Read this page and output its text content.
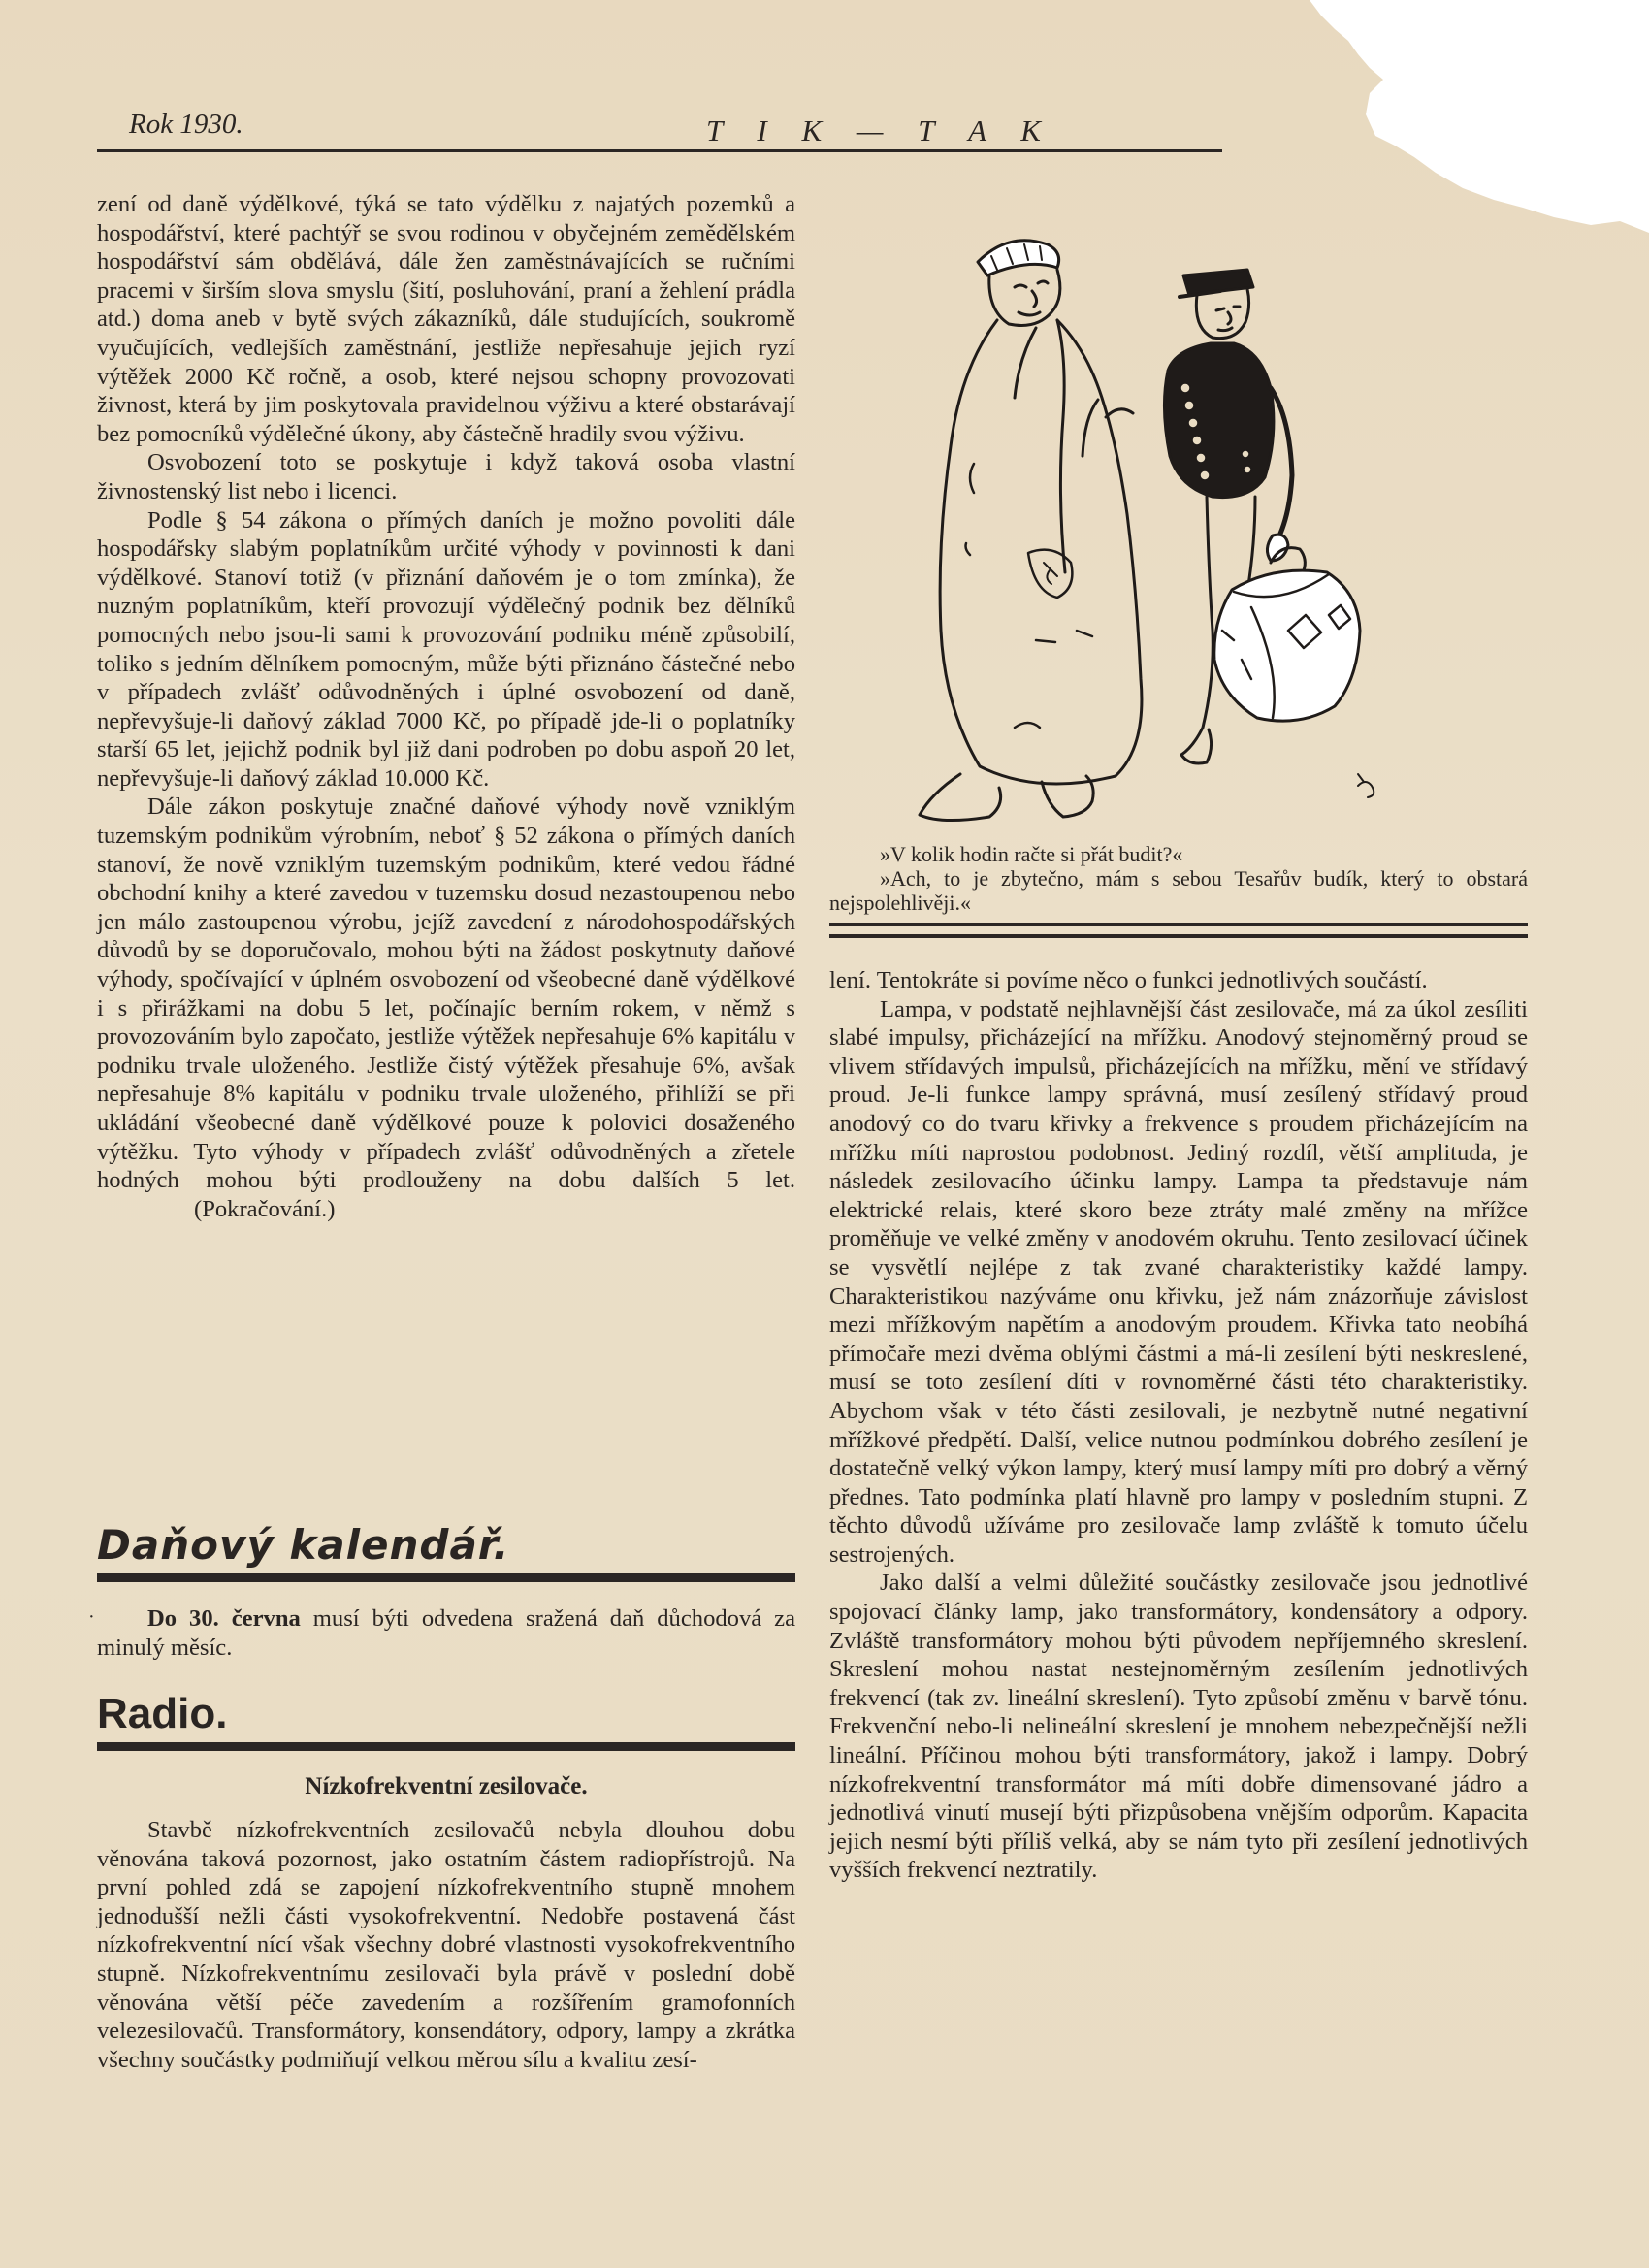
Rok 1930.	T I K — T A K

zení od daně výdělkové, týká se tato výdělku z najatých pozemků a hospodářství, které pachtýř se svou rodinou v obyčejném zemědělském hospodářství sám obdělává, dále žen zaměstnávajících se ručními pracemi v širším slova smyslu (šití, posluhování, praní a žehlení prádla atd.) doma aneb v bytě svých zákazníků, dále studujících, soukromě vyučujících, vedlejších zaměstnání, jestliže nepřesahuje jejich ryzí výtěžek 2000 Kč ročně, a osob, které nejsou schopny provozovati živnost, která by jim poskytovala pravidelnou výživu a které obstarávají bez pomocníků výdělečné úkony, aby částečně hradily svou výživu.

Osvobození toto se poskytuje i když taková osoba vlastní živnostenský list nebo i licenci.

Podle § 54 zákona o přímých daních je možno povoliti dále hospodářsky slabým poplatníkům určité výhody v povinnosti k dani výdělkové. Stanoví totiž (v přiznání daňovém je o tom zmínka), že nuzným poplatníkům, kteří provozují výdělečný podnik bez dělníků pomocných nebo jsou-li sami k provozování podniku méně způsobilí, toliko s jedním dělníkem pomocným, může býti přiznáno částečné nebo v případech zvlášť odůvodněných i úplné osvobození od daně, nepřevyšuje-li daňový základ 7000 Kč, po případě jde-li o poplatníky starší 65 let, jejichž podnik byl již dani podroben po dobu aspoň 20 let, nepřevyšuje-li daňový základ 10.000 Kč.

Dále zákon poskytuje značné daňové výhody nově vzniklým tuzemským podnikům výrobním, neboť § 52 zákona o přímých daních stanoví, že nově vzniklým tuzemským podnikům, které vedou řádné obchodní knihy a které zavedou v tuzemsku dosud nezastoupenou nebo jen málo zastoupenou výrobu, jejíž zavedení z národohospodářských důvodů by se doporučovalo, mohou býti na žádost poskytnuty daňové výhody, spočívající v úplném osvobození od všeobecné daně výdělkové i s přirážkami na dobu 5 let, počínajíc berním rokem, v němž s provozováním bylo započato, jestliže výtěžek nepřesahuje 6% kapitálu v podniku trvale uloženého. Jestliže čistý výtěžek přesahuje 6%, avšak nepřesahuje 8% kapitálu v podniku trvale uloženého, přihlíží se při ukládání všeobecné daně výdělkové pouze k polovici dosaženého výtěžku. Tyto výhody v případech zvlášť odůvodněných a zřetele hodných mohou býti prodlouženy na dobu dalších 5 let.(Pokračování.)

Daňový kalendář.
·	Do 30. června musí býti odvedena sražená daň důchodová za minulý měsíc.
Radio.
Nízkofrekventní zesilovače.

Stavbě nízkofrekventních zesilovačů nebyla dlouhou dobu věnována taková pozornost, jako ostatním částem radiopřístrojů. Na první pohled zdá se zapojení nízkofrekventního stupně mnohem jednodušší nežli části vysokofrekventní. Nedobře postavená část nízkofrekventní nící však všechny dobré vlastnosti vysokofrekventního stupně. Nízkofrekventnímu zesilovači byla právě v poslední době věnována větší péče zavedením a rozšířením gramofonních velezesilovačů. Transformátory, konsendátory, odpory, lampy a zkrátka všechny součástky podmiňují velkou měrou sílu a kvalitu zesí-

»V kolik hodin račte si přát budit?«

»Ach, to je zbytečno, mám s sebou Tesařův budík, který to obstará nejspolehlivěji.«

lení. Tentokráte si povíme něco o funkci jednotlivých součástí.

Lampa, v podstatě nejhlavnější část zesilovače, má za úkol zesíliti slabé impulsy, přicházející na mřížku. Anodový stejnoměrný proud se vlivem střídavých impulsů, přicházejících na mřížku, mění ve střídavý proud. Je-li funkce lampy správná, musí zesílený střídavý proud anodový co do tvaru křivky a frekvence s proudem přicházejícím na mřížku míti naprostou podobnost. Jediný rozdíl, větší amplituda, je následek zesilovacího účinku lampy. Lampa ta představuje nám elektrické relais, které skoro beze ztráty malé změny na mřížce proměňuje ve velké změny v anodovém okruhu. Tento zesilovací účinek se vysvětlí nejlépe z tak zvané charakteristiky každé lampy. Charakteristikou nazýváme onu křivku, jež nám znázorňuje závislost mezi mřížkovým napětím a anodovým proudem. Křivka tato neobíhá přímočaře mezi dvěma oblými částmi a má-li zesílení býti neskreslené, musí se toto zesílení díti v rovnoměrné části této charakteristiky. Abychom však v této části zesilovali, je nezbytně nutné negativní mřížkové předpětí. Další, velice nutnou podmínkou dobrého zesílení je dostatečně velký výkon lampy, který musí lampy míti pro dobrý a věrný přednes. Tato podmínka platí hlavně pro lampy v posledním stupni. Z těchto důvodů užíváme pro zesilovače lamp zvláště k tomuto účelu sestrojených.

Jako další a velmi důležité součástky zesilovače jsou jednotlivé spojovací články lamp, jako transformátory, kondensátory a odpory. Zvláště transformátory mohou býti původem nepříjemného skreslení. Skreslení mohou nastat nestejnoměrným zesílením jednotlivých frekvencí (tak zv. lineální skreslení). Tyto způsobí změnu v barvě tónu. Frekvenční nebo-li nelineální skreslení je mnohem nebezpečnější nežli lineální. Příčinou mohou býti transformátory, jakož i lampy. Dobrý nízkofrekventní transformátor má míti dobře dimensované jádro a jednotlivá vinutí musejí býti přizpůsobena vnějším odporům. Kapacita jejich nesmí býti příliš velká, aby se nám tyto při zesílení jednotlivých vyšších frekvencí neztratily.
